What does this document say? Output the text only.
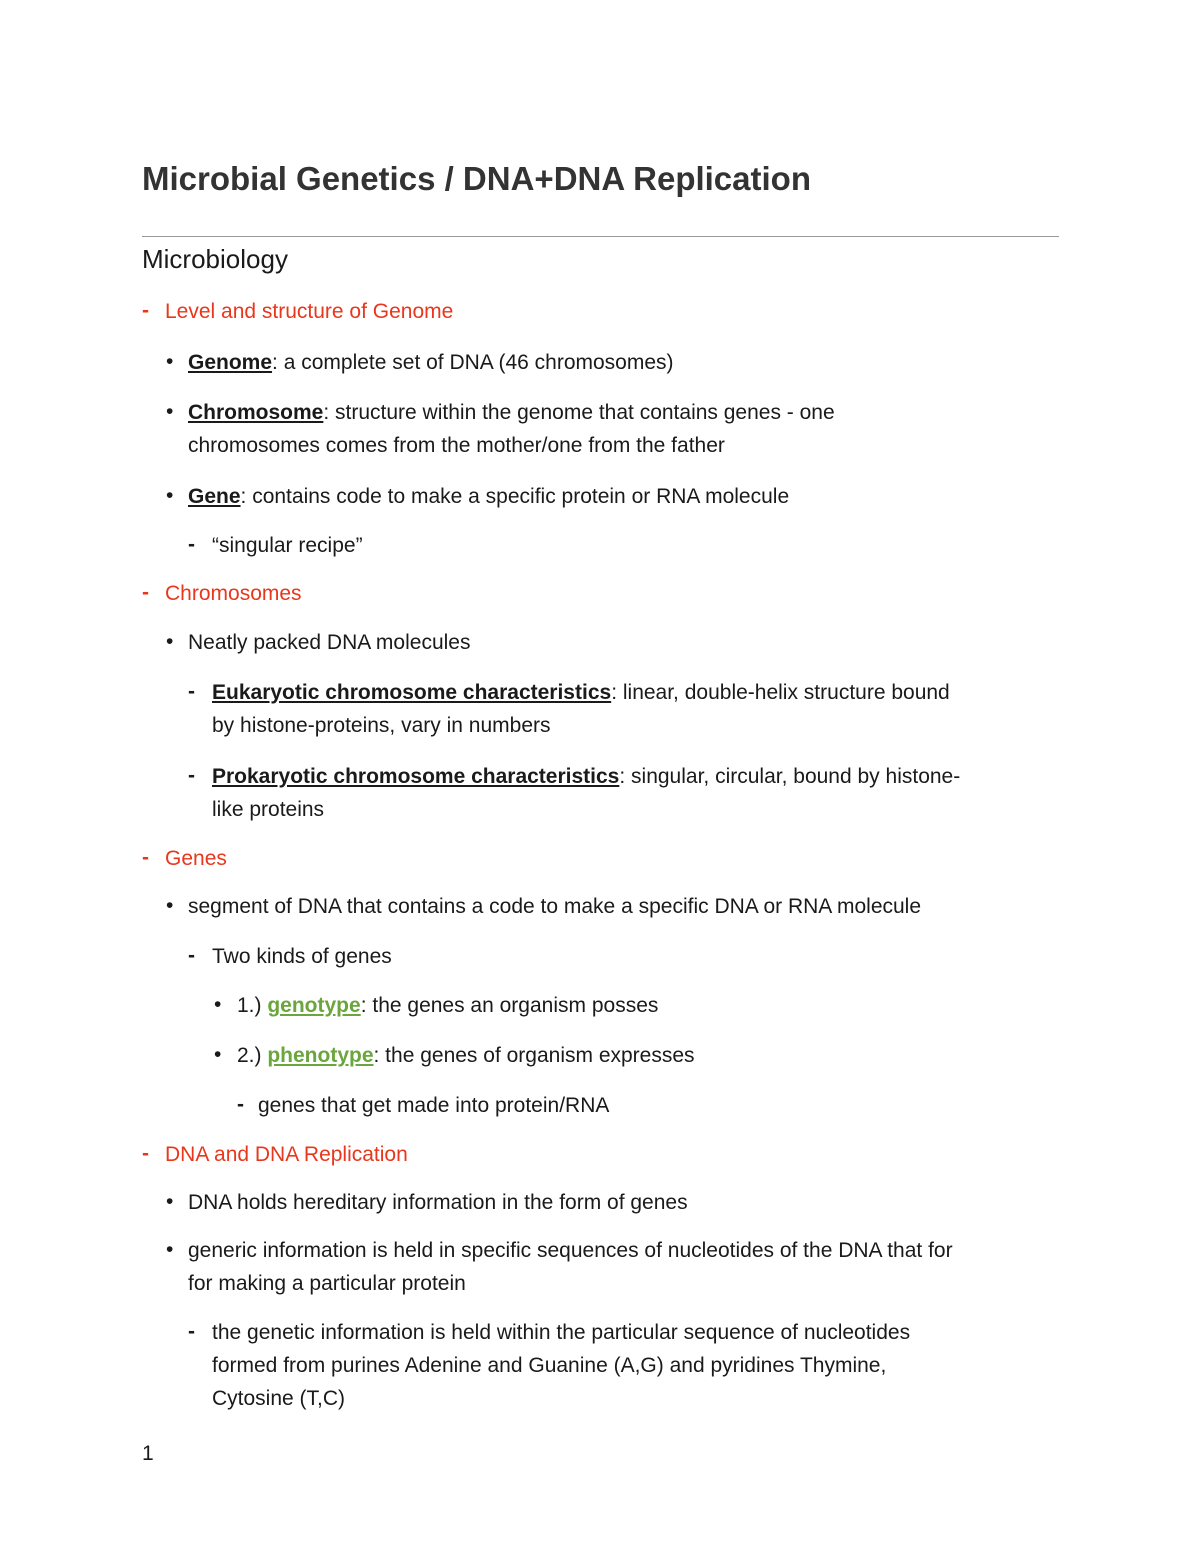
Microbial Genetics / DNA+DNA Replication
Microbiology
- Level and structure of Genome
• Genome: a complete set of DNA (46 chromosomes)
• Chromosome: structure within the genome that contains genes - one
chromosomes comes from the mother/one from the father
• Gene: contains code to make a specific protein or RNA molecule
- “singular recipe”
- Chromosomes
• Neatly packed DNA molecules
- Eukaryotic chromosome characteristics: linear, double-helix structure bound
by histone-proteins, vary in numbers
- Prokaryotic chromosome characteristics: singular, circular, bound by histone-
like proteins
- Genes
• segment of DNA that contains a code to make a specific DNA or RNA molecule
- Two kinds of genes
• 1.) genotype: the genes an organism posses
• 2.) phenotype: the genes of organism expresses
- genes that get made into protein/RNA
- DNA and DNA Replication
• DNA holds hereditary information in the form of genes
• generic information is held in specific sequences of nucleotides of the DNA that for
for making a particular protein
- the genetic information is held within the particular sequence of nucleotides
formed from purines Adenine and Guanine (A,G) and pyridines Thymine,
Cytosine (T,C)
1
